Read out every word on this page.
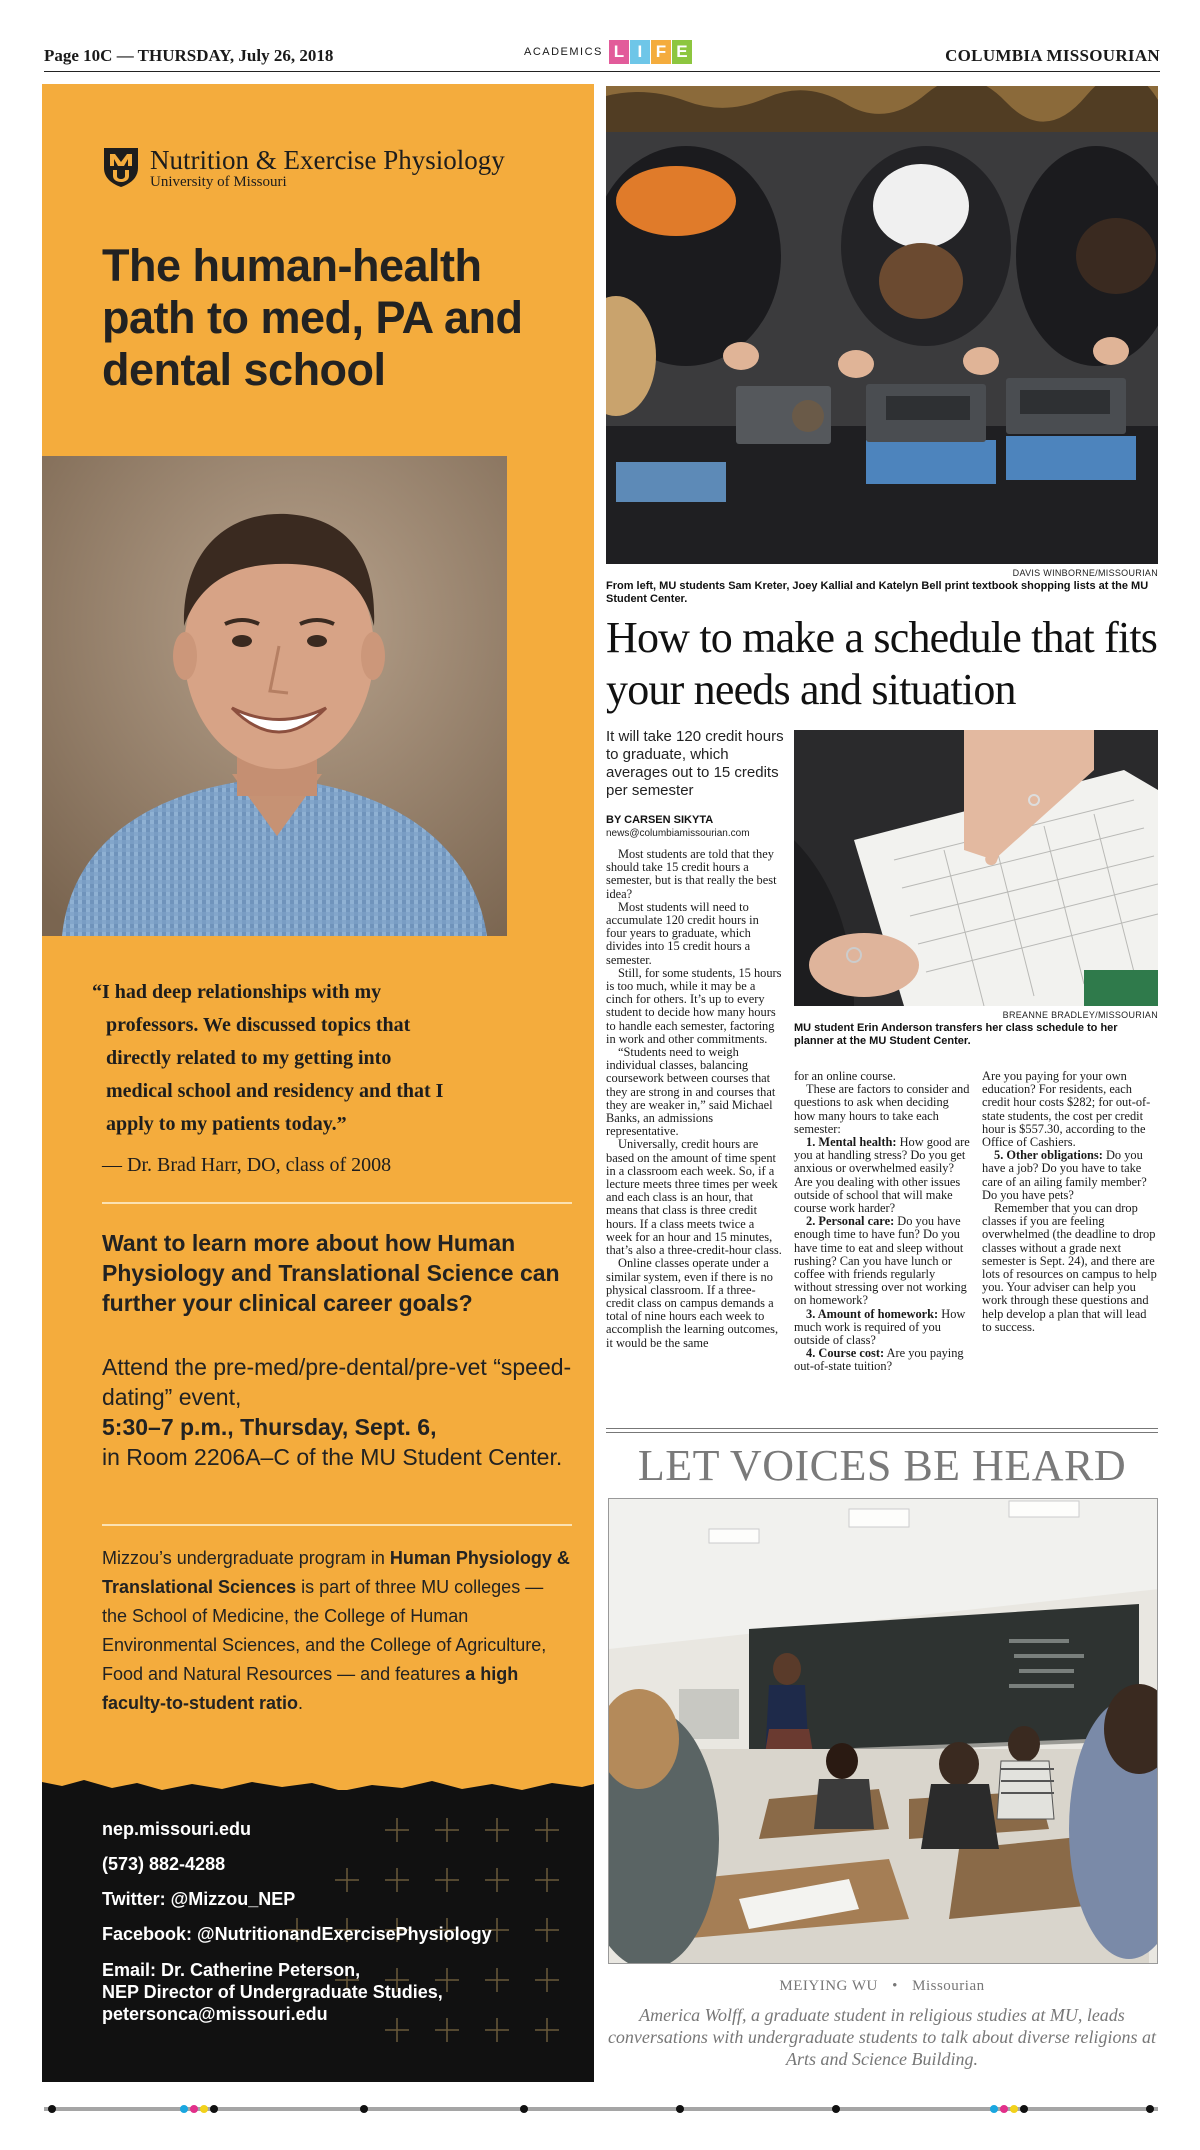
Page 10C — THURSDAY, July 26, 2018	ACADEMICS L I F E	COLUMBIA MISSOURIAN
Nutrition & Exercise Physiology
University of Missouri
The human-health path to med, PA and dental school
“I had deep relationships with my
professors. We discussed topics that
directly related to my getting into
medical school and residency and that I
apply to my patients today.”
— Dr. Brad Harr, DO, class of 2008
Want to learn more about how Human Physiology and Translational Science can further your clinical career goals?
Attend the pre-med/pre-dental/pre-vet “speed-dating” event,
5:30–7 p.m., Thursday, Sept. 6,
in Room 2206A–C of the MU Student Center.

Mizzou’s undergraduate program in Human Physiology & Translational Sciences is part of three MU colleges — the School of Medicine, the College of Human Environmental Sciences, and the College of Agriculture, Food and Natural Resources — and features a high faculty-to-student ratio.

nep.missouri.edu
(573) 882-4288
Twitter: @Mizzou_NEP
Facebook: @NutritionandExercisePhysiology
Email: Dr. Catherine Peterson,
NEP Director of Undergraduate Studies,
petersonca@missouri.edu
DAVIS WINBORNE/MISSOURIAN
From left, MU students Sam Kreter, Joey Kallial and Katelyn Bell print textbook shopping lists at the MU Student Center.
How to make a schedule that fits your needs and situation
It will take 120 credit hours to graduate, which averages out to 15 credits per semester
BY CARSEN SIKYTA
news@columbiamissourian.com

Most students are told that they should take 15 credit hours a semester, but is that really the best idea?

Most students will need to accumulate 120 credit hours in four years to graduate, which divides into 15 credit hours a semester.

Still, for some students, 15 hours is too much, while it may be a cinch for others. It’s up to every student to decide how many hours to handle each semester, factoring in work and other commitments.

“Students need to weigh individual classes, balancing coursework between courses that they are strong in and courses that they are weaker in,” said Michael Banks, an admissions representative.

Universally, credit hours are based on the amount of time spent in a classroom each week. So, if a lecture meets three times per week and each class is an hour, that means that class is three credit hours. If a class meets twice a week for an hour and 15 minutes, that’s also a three-credit-hour class.

Online classes operate under a similar system, even if there is no physical classroom. If a three-credit class on campus demands a total of nine hours each week to accomplish the learning outcomes, it would be the same

BREANNE BRADLEY/MISSOURIAN
MU student Erin Anderson transfers her class schedule to her planner at the MU Student Center.

for an online course.

These are factors to consider and questions to ask when deciding how many hours to take each semester:

1. Mental health: How good are you at handling stress? Do you get anxious or overwhelmed easily? Are you dealing with other issues outside of school that will make course work harder?

2. Personal care: Do you have enough time to have fun? Do you have time to eat and sleep without rushing? Can you have lunch or coffee with friends regularly without stressing over not working on homework?

3. Amount of homework: How much work is required of you outside of class?

4. Course cost: Are you paying out-of-state tuition?

Are you paying for your own education? For residents, each credit hour costs $282; for out-of-state students, the cost per credit hour is $557.30, according to the Office of Cashiers.

5. Other obligations: Do you have a job? Do you have to take care of an ailing family member? Do you have pets?

Remember that you can drop classes if you are feeling overwhelmed (the deadline to drop classes without a grade next semester is Sept. 24), and there are lots of resources on campus to help you. Your adviser can help you work through these questions and help develop a plan that will lead to success.

LET VOICES BE HEARD
MEIYING WU • Missourian
America Wolff, a graduate student in religious studies at MU, leads conversations with undergraduate students to talk about diverse religions at Arts and Science Building.
